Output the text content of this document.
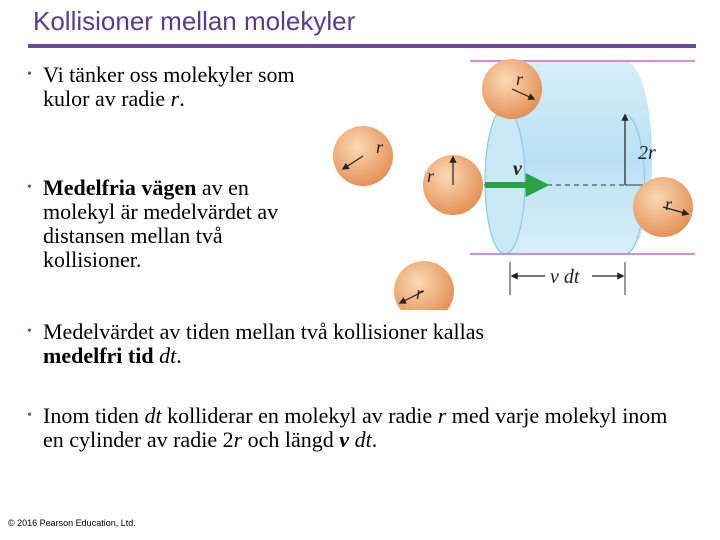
Kollisioner mellan molekyler
• Vi tänker oss molekyler som kulor av radie r.
• Medelfria vägen av en molekyl är medelvärdet av distansen mellan två kollisioner.
• Medelvärdet av tiden mellan två kollisioner kallas medelfri tid dt.
• Inom tiden dt kolliderar en molekyl av radie r med varje molekyl inom en cylinder av radie 2r och längd v dt.
2r
r
r
r
r
r
v
v dt
© 2016 Pearson Education, Ltd.
